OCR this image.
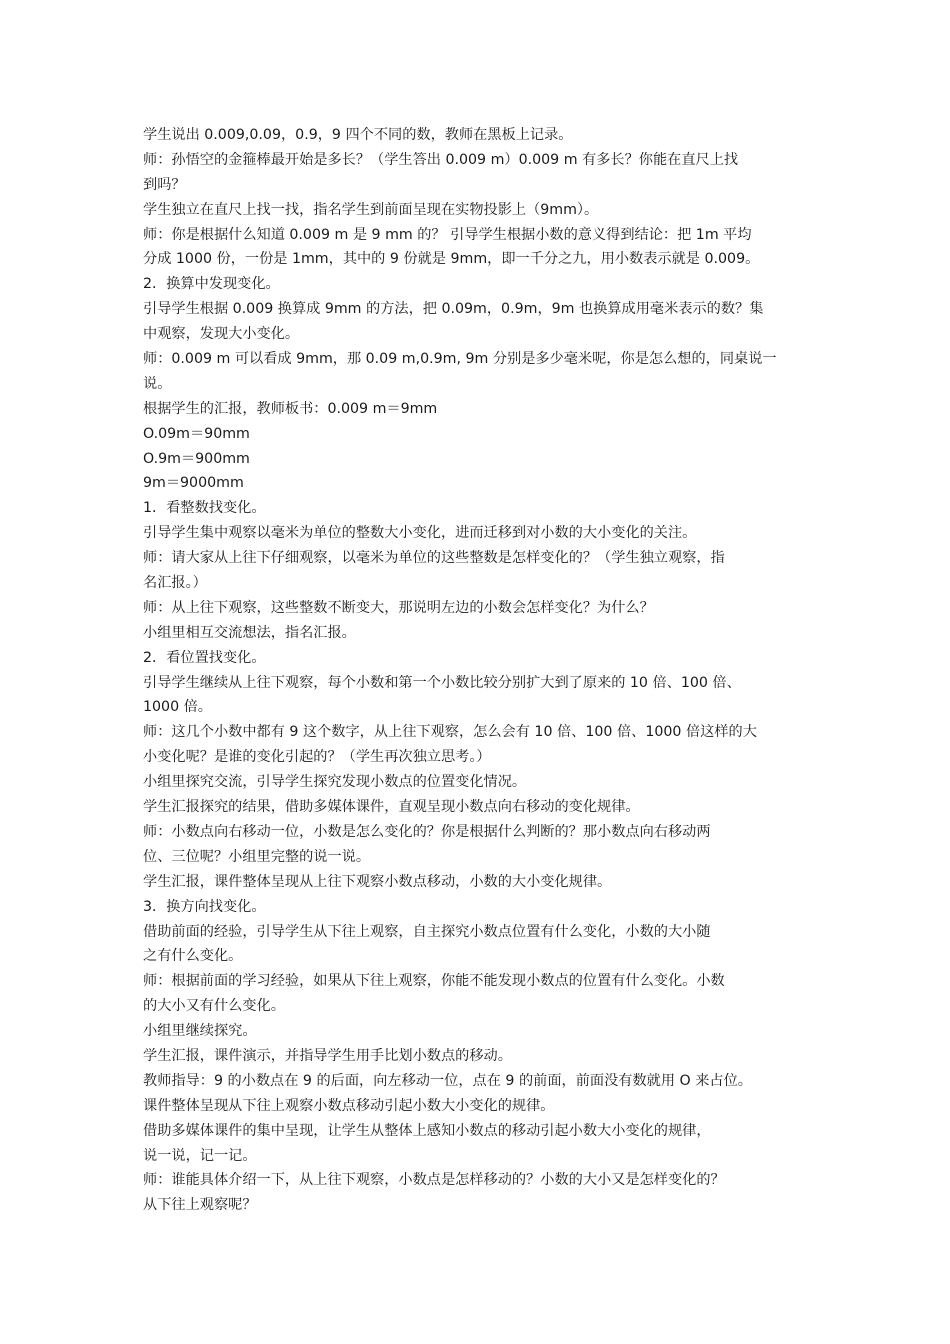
学生说出 0.009,0.09，0.9，9 四个不同的数，教师在黑板上记录。
师：孙悟空的金箍棒最开始是多长？（学生答出 0.009 m）0.009 m 有多长？你能在直尺上找
到吗？
学生独立在直尺上找一找，指名学生到前面呈现在实物投影上（9mm）。
师：你是根据什么知道 0.009 m 是 9 mm 的？ 引导学生根据小数的意义得到结论：把 1m 平均
分成 1000 份，一份是 1mm，其中的 9 份就是 9mm，即一千分之九，用小数表示就是 0.009。
2．换算中发现变化。
引导学生根据 0.009 换算成 9mm 的方法，把 0.09m，0.9m，9m 也换算成用毫米表示的数？集
中观察，发现大小变化。
师：0.009 m 可以看成 9mm，那 0.09 m,0.9m, 9m 分别是多少毫米呢，你是怎么想的，同桌说一
说。
根据学生的汇报，教师板书：0.009 m＝9mm
O.09m＝90mm
O.9m＝900mm
9m＝9000mm
1．看整数找变化。
引导学生集中观察以毫米为单位的整数大小变化，进而迁移到对小数的大小变化的关注。
师：请大家从上往下仔细观察，以毫米为单位的这些整数是怎样变化的？（学生独立观察，指
名汇报。）
师：从上往下观察，这些整数不断变大，那说明左边的小数会怎样变化？为什么？
小组里相互交流想法，指名汇报。
2．看位置找变化。
引导学生继续从上往下观察，每个小数和第一个小数比较分别扩大到了原来的 10 倍、100 倍、
1000 倍。
师：这几个小数中都有 9 这个数字，从上往下观察，怎么会有 10 倍、100 倍、1000 倍这样的大
小变化呢？是谁的变化引起的？（学生再次独立思考。）
小组里探究交流，引导学生探究发现小数点的位置变化情况。
学生汇报探究的结果，借助多媒体课件，直观呈现小数点向右移动的变化规律。
师：小数点向右移动一位，小数是怎么变化的？你是根据什么判断的？那小数点向右移动两
位、三位呢？小组里完整的说一说。
学生汇报，课件整体呈现从上往下观察小数点移动，小数的大小变化规律。
3．换方向找变化。
借助前面的经验，引导学生从下往上观察，自主探究小数点位置有什么变化，小数的大小随
之有什么变化。
师：根据前面的学习经验，如果从下往上观察，你能不能发现小数点的位置有什么变化。小数
的大小又有什么变化。
小组里继续探究。
学生汇报，课件演示，并指导学生用手比划小数点的移动。
教师指导：9 的小数点在 9 的后面，向左移动一位，点在 9 的前面，前面没有数就用 O 来占位。
课件整体呈现从下往上观察小数点移动引起小数大小变化的规律。
借助多媒体课件的集中呈现，让学生从整体上感知小数点的移动引起小数大小变化的规律，
说一说，记一记。
师：谁能具体介绍一下，从上往下观察，小数点是怎样移动的？小数的大小又是怎样变化的？
从下往上观察呢？
